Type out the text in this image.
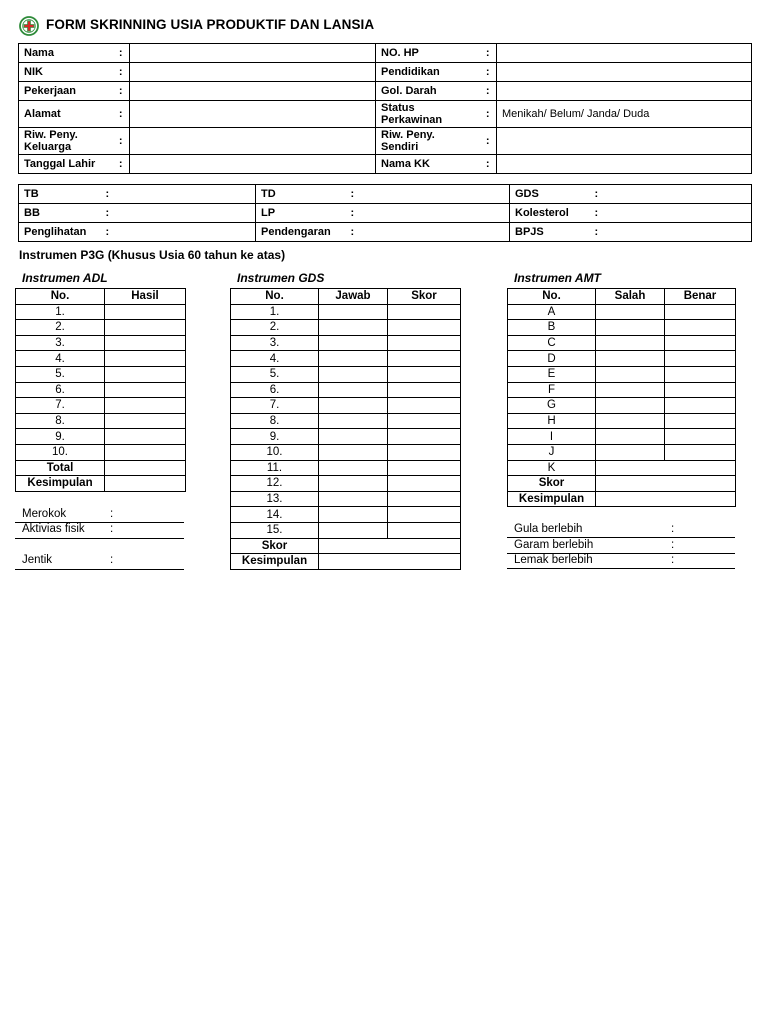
FORM SKRINNING USIA PRODUKTIF DAN LANSIA
Nama	:		NO. HP	:	
NIK	:		Pendidikan	:	
Pekerjaan	:		Gol. Darah	:	
Alamat	:		Status Perkawinan	:	Menikah/ Belum/ Janda/ Duda
Riw. Peny. Keluarga	:		Riw. Peny. Sendiri	:	
Tanggal Lahir	:		Nama KK	:	
TB	:	TD	:	GDS	:
BB	:	LP	:	Kolesterol	:
Penglihatan	:	Pendengaran	:	BPJS	:
Instrumen P3G (Khusus Usia 60 tahun ke atas)
Instrumen ADL	Instrumen GDS	Instrumen AMT
No.	Hasil
1.	
2.	
3.	
4.	
5.	
6.	
7.	
8.	
9.	
10.	
Total	
Kesimpulan	
No.	Jawab	Skor
1.		
2.		
3.		
4.		
5.		
6.		
7.		
8.		
9.		
10.		
11.		
12.		
13.		
14.		
15.		
Skor		
Kesimpulan		
No.	Salah	Benar
A		
B		
C		
D		
E		
F		
G		
H		
I		
J		
K		
Skor		
Kesimpulan		
Merokok	:
Aktivias fisik :
Jentik	:
Gula berlebih	:
Garam berlebih	:
Lemak berlebih	:
